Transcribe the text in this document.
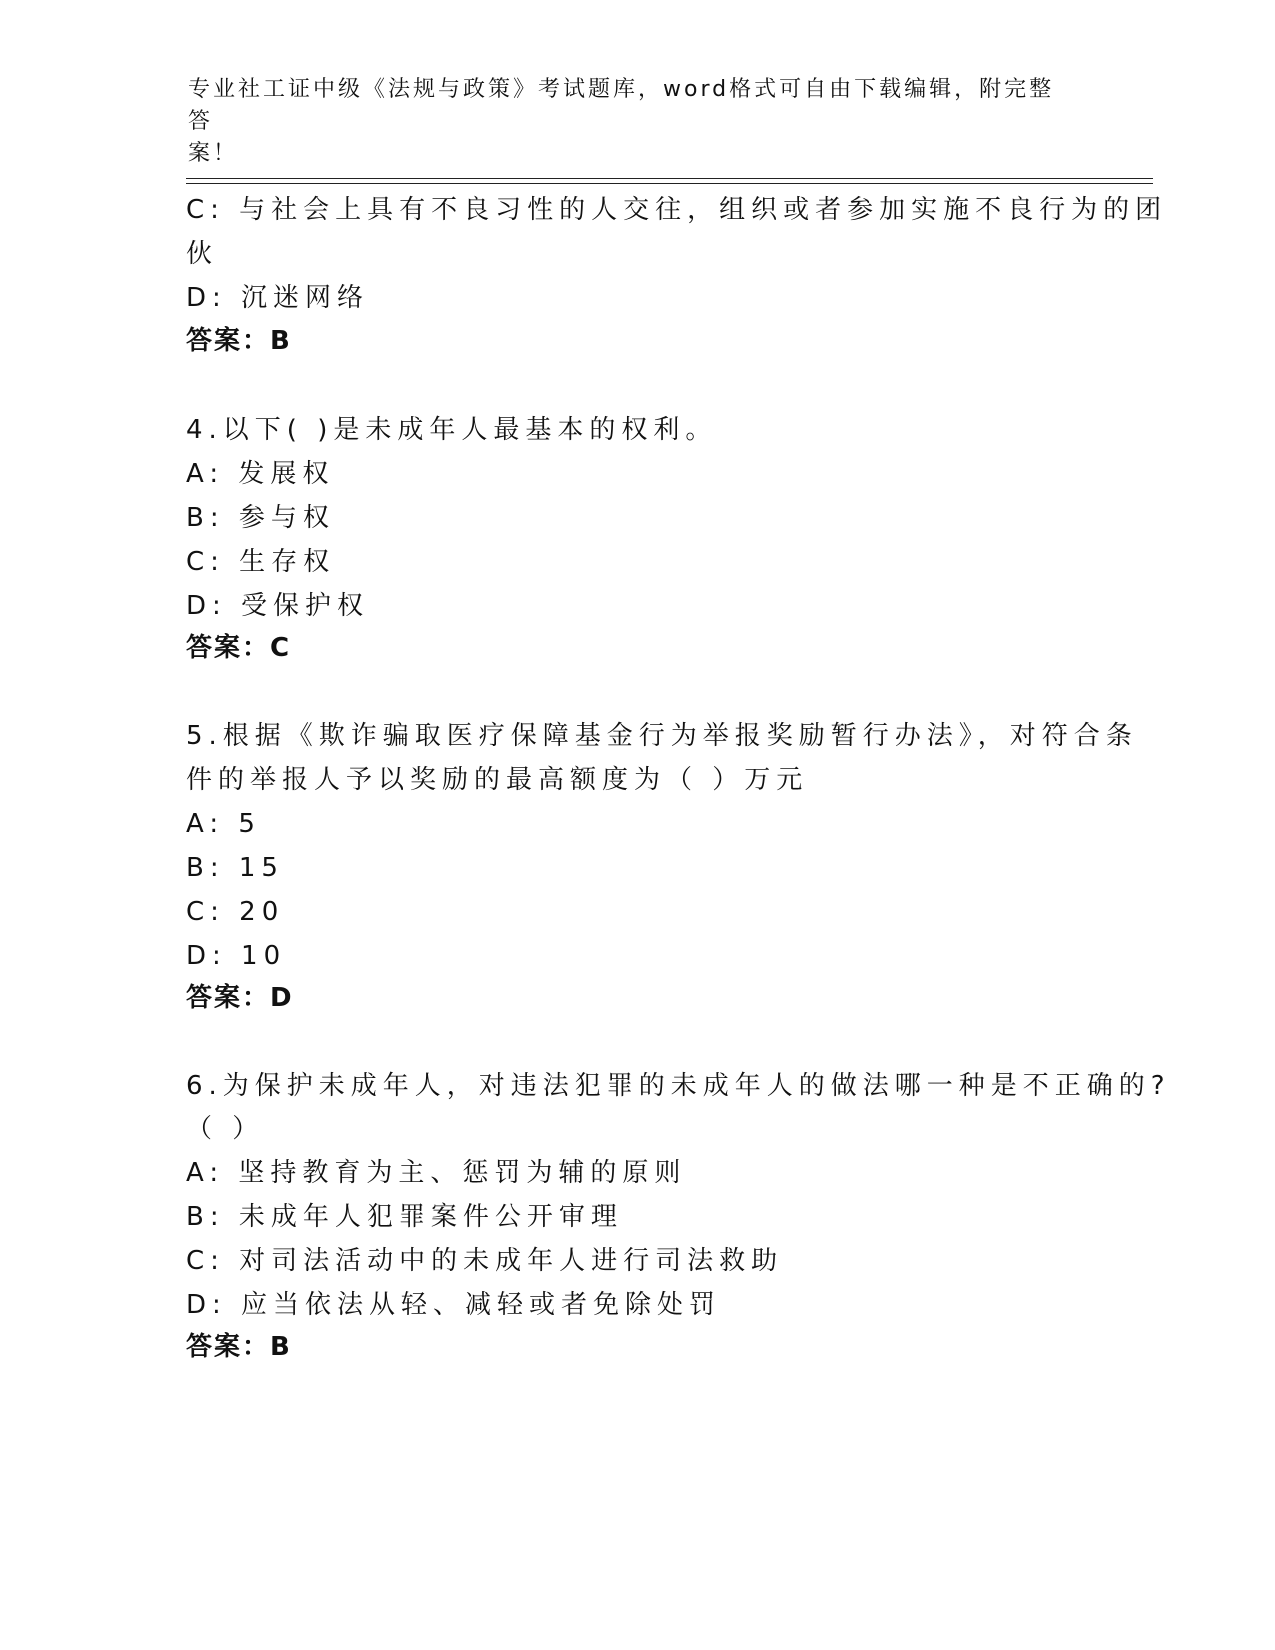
专业社工证中级《法规与政策》考试题库，word格式可自由下载编辑，附完整答
案！
C: 与社会上具有不良习性的人交往，组织或者参加实施不良行为的团
伙
D: 沉迷网络
答案：B
4.以下( )是未成年人最基本的权利。
A: 发展权
B: 参与权
C: 生存权
D: 受保护权
答案：C
5.根据《欺诈骗取医疗保障基金行为举报奖励暂行办法》，对符合条
件的举报人予以奖励的最高额度为（ ）万元
A: 5
B: 15
C: 20
D: 10
答案：D
6.为保护未成年人，对违法犯罪的未成年人的做法哪一种是不正确的?
（ ）
A: 坚持教育为主、惩罚为辅的原则
B: 未成年人犯罪案件公开审理
C: 对司法活动中的未成年人进行司法救助
D: 应当依法从轻、减轻或者免除处罚
答案：B
